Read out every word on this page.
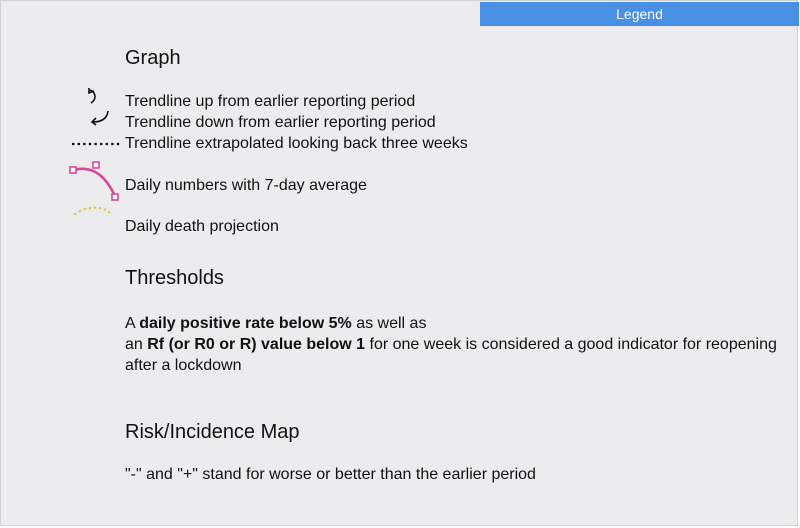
Legend
Graph
Trendline up from earlier reporting period
Trendline down from earlier reporting period
Trendline extrapolated looking back three weeks
Daily numbers with 7-day average
Daily death projection
Thresholds
A daily positive rate below 5% as well as
an Rf (or R0 or R) value below 1 for one week is considered a good indicator for reopening after a lockdown
Risk/Incidence Map
"-" and "+" stand for worse or better than the earlier period
